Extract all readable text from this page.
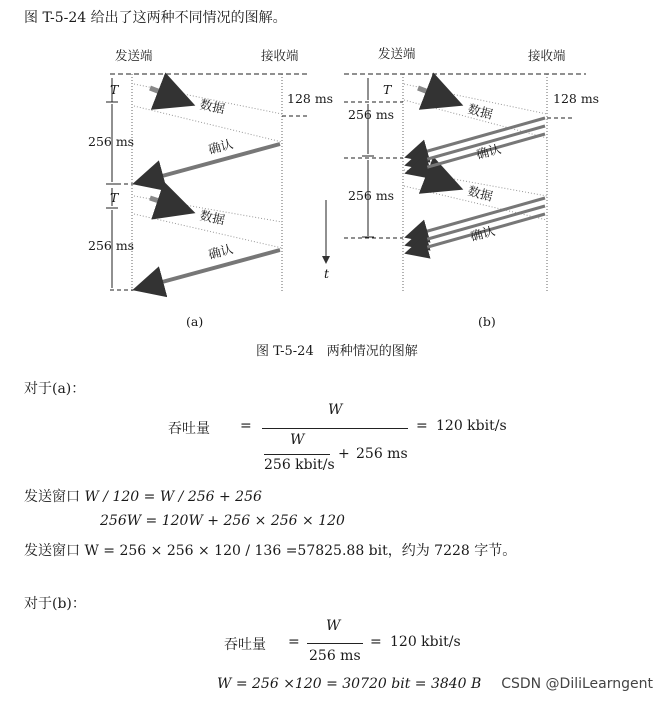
图 T-5-24 给出了这两种不同情况的图解。
发送端	接收端
T
128 ms
256 ms
数据
确认
T
数据
256 ms	确认
(a)
发送端	接收端
T
128 ms
256 ms	数据
确认
256 ms	数据
确认
(b)
t
图 T-5-24　两种情况的图解
对于(a)：
吞吐量 =
W
W
256 kbit/s
+ 256 ms
= 120 kbit/s
发送窗口 W / 120 = W / 256 + 256
256W = 120W + 256 × 256 × 120
发送窗口 W = 256 × 256 × 120 / 136 =57825.88 bit，约为 7228 字节。
对于(b)：
吞吐量 =
W
256 ms
= 120 kbit/s
W = 256 ×120 = 30720 bit = 3840 B CSDN @DiliLearngent
